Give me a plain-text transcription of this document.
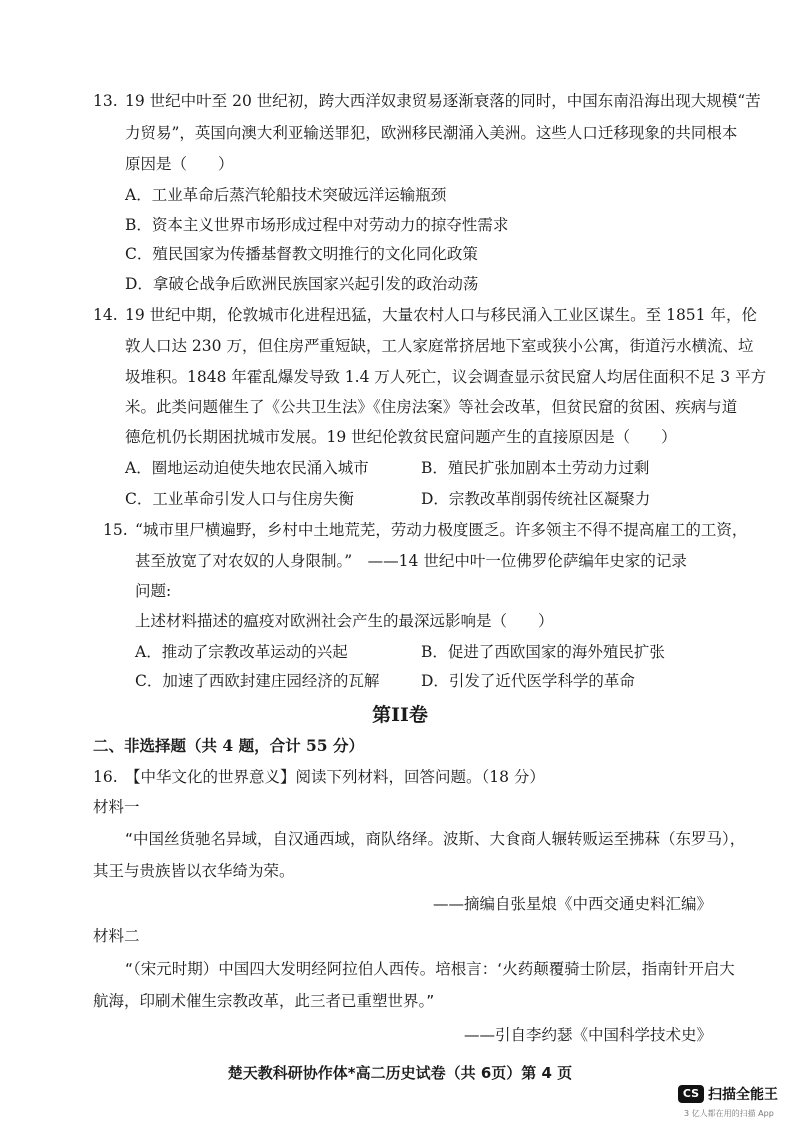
13. 19 世纪中叶至 20 世纪初，跨大西洋奴隶贸易逐渐衰落的同时，中国东南沿海出现大规模“苦
力贸易”，英国向澳大利亚输送罪犯，欧洲移民潮涌入美洲。这些人口迁移现象的共同根本
原因是（　　）
A．工业革命后蒸汽轮船技术突破远洋运输瓶颈
B．资本主义世界市场形成过程中对劳动力的掠夺性需求
C．殖民国家为传播基督教文明推行的文化同化政策
D．拿破仑战争后欧洲民族国家兴起引发的政治动荡
14. 19 世纪中期，伦敦城市化进程迅猛，大量农村人口与移民涌入工业区谋生。至 1851 年，伦
敦人口达 230 万，但住房严重短缺，工人家庭常挤居地下室或狭小公寓，街道污水横流、垃
圾堆积。1848 年霍乱爆发导致 1.4 万人死亡，议会调查显示贫民窟人均居住面积不足 3 平方
米。此类问题催生了《公共卫生法》《住房法案》等社会改革，但贫民窟的贫困、疾病与道
德危机仍长期困扰城市发展。19 世纪伦敦贫民窟问题产生的直接原因是（　　）
A．圈地运动迫使失地农民涌入城市	B．殖民扩张加剧本土劳动力过剩
C．工业革命引发人口与住房失衡	D．宗教改革削弱传统社区凝聚力
15. “城市里尸横遍野，乡村中土地荒芜，劳动力极度匮乏。许多领主不得不提高雇工的工资，
甚至放宽了对农奴的人身限制。”　——14 世纪中叶一位佛罗伦萨编年史家的记录
问题:
上述材料描述的瘟疫对欧洲社会产生的最深远影响是（　　）
A．推动了宗教改革运动的兴起	B．促进了西欧国家的海外殖民扩张
C．加速了西欧封建庄园经济的瓦解	D．引发了近代医学科学的革命
第II卷
二、非选择题（共 4 题，合计 55 分）
16. 【中华文化的世界意义】阅读下列材料，回答问题。（18 分）
材料一
“中国丝货驰名异域，自汉通西域，商队络绎。波斯、大食商人辗转贩运至拂菻（东罗马），
其王与贵族皆以衣华绮为荣。
——摘编自张星烺《中西交通史料汇编》
材料二
“（宋元时期）中国四大发明经阿拉伯人西传。培根言：‘火药颠覆骑士阶层，指南针开启大
航海，印刷术催生宗教改革，此三者已重塑世界。”
——引自李约瑟《中国科学技术史》
楚天教科研协作体*高二历史试卷（共 6页）第 4 页
CS 扫描全能王
3 亿人都在用的扫描 App
